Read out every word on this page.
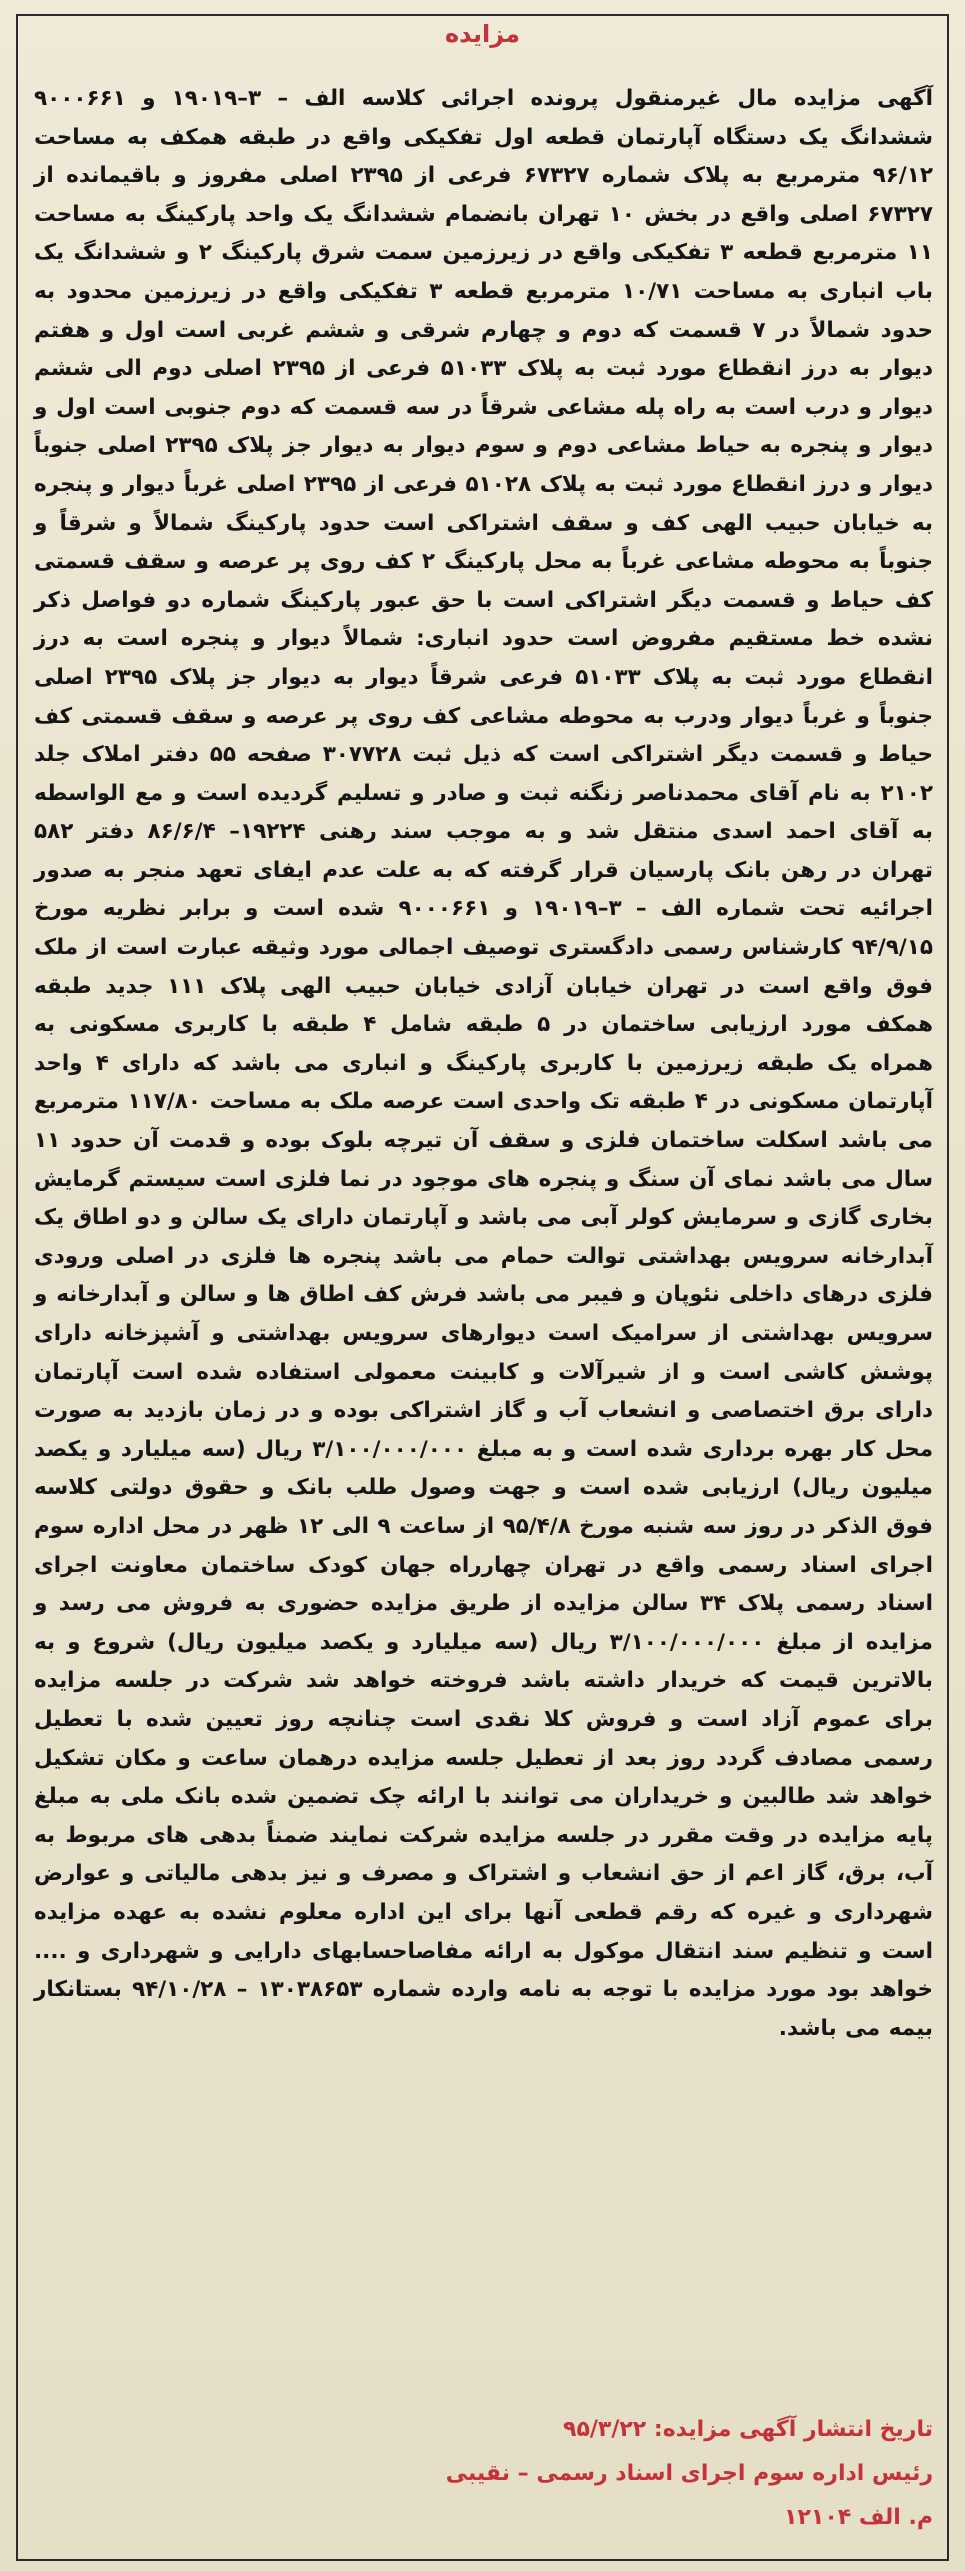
مزایده
آگهی مزایده مال غیرمنقول پرونده اجرائی کلاسه الف – ۳–۱۹۰۱۹ و ۹۰۰۰۶۶۱ ششدانگ یک دستگاه آپارتمان قطعه اول تفکیکی واقع در طبقه همکف به مساحت ۹۶/۱۲ مترمربع به پلاک شماره ۶۷۳۲۷ فرعی از ۲۳۹۵ اصلی مفروز و باقیمانده از ۶۷۳۲۷ اصلی واقع در بخش ۱۰ تهران بانضمام ششدانگ یک واحد پارکینگ به مساحت ۱۱ مترمربع قطعه ۳ تفکیکی واقع در زیرزمین سمت شرق پارکینگ ۲ و ششدانگ یک باب انباری به مساحت ۱۰/۷۱ مترمربع قطعه ۳ تفکیکی واقع در زیرزمین محدود به حدود شمالاً در ۷ قسمت که دوم و چهارم شرقی و ششم غربی است اول و هفتم دیوار به درز انقطاع مورد ثبت به پلاک ۵۱۰۳۳ فرعی از ۲۳۹۵ اصلی دوم الی ششم دیوار و درب است به راه پله مشاعی شرقاً در سه قسمت که دوم جنوبی است اول و دیوار و پنجره به حیاط مشاعی دوم و سوم دیوار به دیوار جز پلاک ۲۳۹۵ اصلی جنوباً دیوار و درز انقطاع مورد ثبت به پلاک ۵۱۰۲۸ فرعی از ۲۳۹۵ اصلی غرباً دیوار و پنجره به خیابان حبیب الهی کف و سقف اشتراکی است حدود پارکینگ شمالاً و شرقاً و جنوباً به محوطه مشاعی غرباً به محل پارکینگ ۲ کف روی پر عرصه و سقف قسمتی کف حیاط و قسمت دیگر اشتراکی است با حق عبور پارکینگ شماره دو فواصل ذکر نشده خط مستقیم مفروض است حدود انباری: شمالاً دیوار و پنجره است به درز انقطاع مورد ثبت به پلاک ۵۱۰۳۳ فرعی شرقاً دیوار به دیوار جز پلاک ۲۳۹۵ اصلی جنوباً و غرباً دیوار ودرب به محوطه مشاعی کف روی پر عرصه و سقف قسمتی کف حیاط و قسمت دیگر اشتراکی است که ذیل ثبت ۳۰۷۷۲۸ صفحه ۵۵ دفتر املاک جلد ۲۱۰۲ به نام آقای محمدناصر زنگنه ثبت و صادر و تسلیم گردیده است و مع الواسطه به آقای احمد اسدی منتقل شد و به موجب سند رهنی ۱۹۲۲۴– ۸۶/۶/۴ دفتر ۵۸۲ تهران در رهن بانک پارسیان قرار گرفته که به علت عدم ایفای تعهد منجر به صدور اجرائیه تحت شماره الف – ۳–۱۹۰۱۹ و ۹۰۰۰۶۶۱ شده است و برابر نظریه مورخ ۹۴/۹/۱۵ کارشناس رسمی دادگستری توصیف اجمالی مورد وثیقه عبارت است از ملک فوق واقع است در تهران خیابان آزادی خیابان حبیب الهی پلاک ۱۱۱ جدید طبقه همکف مورد ارزیابی ساختمان در ۵ طبقه شامل ۴ طبقه با کاربری مسکونی به همراه یک طبقه زیرزمین با کاربری پارکینگ و انباری می باشد که دارای ۴ واحد آپارتمان مسکونی در ۴ طبقه تک واحدی است عرصه ملک به مساحت ۱۱۷/۸۰ مترمربع می باشد اسکلت ساختمان فلزی و سقف آن تیرچه بلوک بوده و قدمت آن حدود ۱۱ سال می باشد نمای آن سنگ و پنجره های موجود در نما فلزی است سیستم گرمایش بخاری گازی و سرمایش کولر آبی می باشد و آپارتمان دارای یک سالن و دو اطاق یک آبدارخانه سرویس بهداشتی توالت حمام می باشد پنجره ها فلزی در اصلی ورودی فلزی درهای داخلی نئوپان و فیبر می باشد فرش کف اطاق ها و سالن و آبدارخانه و سرویس بهداشتی از سرامیک است دیوارهای سرویس بهداشتی و آشپزخانه دارای پوشش کاشی است و از شیرآلات و کابینت معمولی استفاده شده است آپارتمان دارای برق اختصاصی و انشعاب آب و گاز اشتراکی بوده و در زمان بازدید به صورت محل کار بهره برداری شده است و به مبلغ ۳/۱۰۰/۰۰۰/۰۰۰ ریال (سه میلیارد و یکصد میلیون ریال) ارزیابی شده است و جهت وصول طلب بانک و حقوق دولتی کلاسه فوق الذکر در روز سه شنبه مورخ ۹۵/۴/۸ از ساعت ۹ الی ۱۲ ظهر در محل اداره سوم اجرای اسناد رسمی واقع در تهران چهارراه جهان کودک ساختمان معاونت اجرای اسناد رسمی پلاک ۳۴ سالن مزایده از طریق مزایده حضوری به فروش می رسد و مزایده از مبلغ ۳/۱۰۰/۰۰۰/۰۰۰ ریال (سه میلیارد و یکصد میلیون ریال) شروع و به بالاترین قیمت که خریدار داشته باشد فروخته خواهد شد شرکت در جلسه مزایده برای عموم آزاد است و فروش کلا نقدی است چنانچه روز تعیین شده با تعطیل رسمی مصادف گردد روز بعد از تعطیل جلسه مزایده درهمان ساعت و مکان تشکیل خواهد شد طالبین و خریداران می توانند با ارائه چک تضمین شده بانک ملی به مبلغ پایه مزایده در وقت مقرر در جلسه مزایده شرکت نمایند ضمناً بدهی های مربوط به آب، برق، گاز اعم از حق انشعاب و اشتراک و مصرف و نیز بدهی مالیاتی و عوارض شهرداری و غیره که رقم قطعی آنها برای این اداره معلوم نشده به عهده مزایده است و تنظیم سند انتقال موکول به ارائه مفاصاحسابهای دارایی و شهرداری و .... خواهد بود مورد مزایده با توجه به نامه وارده شماره ۱۳۰۳۸۶۵۳ – ۹۴/۱۰/۲۸ بستانکار بیمه می باشد.
تاریخ انتشار آگهی مزایده: ۹۵/۳/۲۲
رئیس اداره سوم اجرای اسناد رسمی – نقیبی
م. الف ۱۲۱۰۴
